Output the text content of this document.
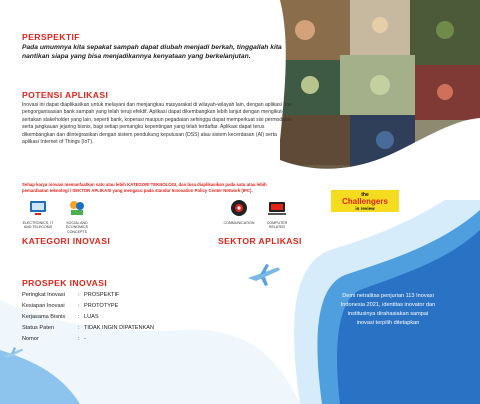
PERSPEKTIF
Pada umumnya kita sepakat sampah dapat diubah menjadi berkah, tinggallah kita nantikan siapa yang bisa menjadikannya kenyataan yang berkelanjutan.
POTENSI APLIKASI
Inovasi ini dapat diaplikasikan untuk melayani dan menjangkau masyarakat di wilayah-wilayah lain, dengan aplikasi dan pengorganisasian bank sampah yang telah teruji efektif. Aplikasi dapat dikembangkan lebih lanjut dengan mengikut-sertakan stakeholder yang lain, seperti bank, koperasi maupun pegadaian sehingga dapat memperkuat sisi permodalan serta jangkauan jejaring bisnis, bagi setiap pemangku kepentingan yang telah terdaftar. Aplikasi dapat terus dikembangkan dan diintegrasikan dengan sistem pendukung keputusan (DSS) atau sistem kecerdasan (AI) serta aplikasi Internet of Things (IoT).
Setiap karya inovasi memanfaatkan satu atau lebih KATEGORI TEKNOLOGI, dan bisa diaplikasikan pada satu atau lebih pemanfaatan teknologi / SEKTOR APLIKASI yang mengacu pada standar Innovation Policy Center Network (IPC).
ELECTRONICS, IT AND TELECOMS
SOCIAL AND ECONOMICS CONCEPTS
KATEGORI INOVASI
COMMUNICATION	COMPUTER RELATED
SEKTOR APLIKASI
the
Challengers
in review
PROSPEK INOVASI
Peringkat Inovasi	: PROSPEKTIF
Kesiapan Inovasi	: PROTOTYPE
Kerjasama Bisnis	: LUAS
Status Paten	: TIDAK INGIN DIPATENKAN
Nomor	: -
Demi netralitas penjurian 113 Inovasi Indonesia 2021, identitas inovator dan institusinya dirahasiakan sampai inovasi terpilih ditetapkan
